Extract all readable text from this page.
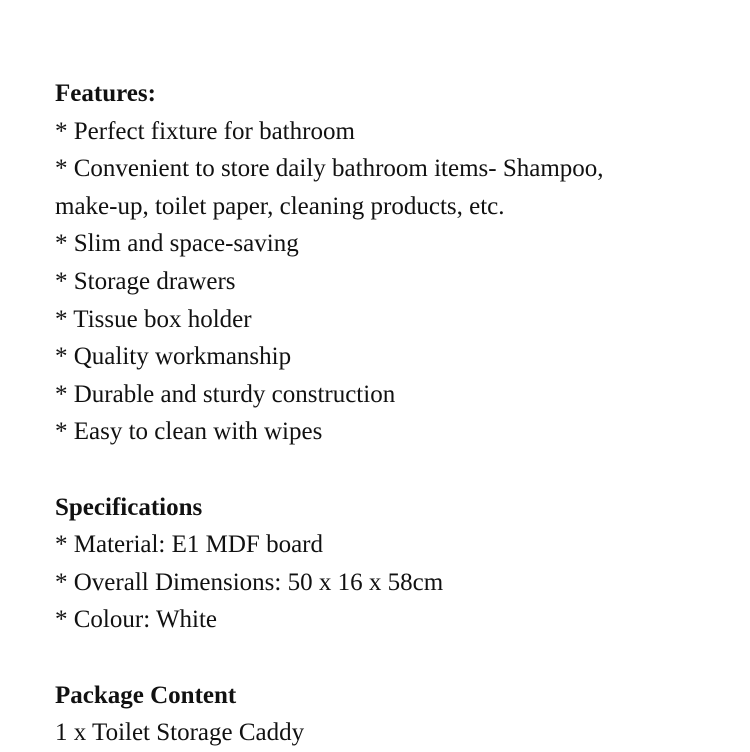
Features:

* Perfect fixture for bathroom

* Convenient to store daily bathroom items- Shampoo,

make-up, toilet paper, cleaning products, etc.

* Slim and space-saving

* Storage drawers

* Tissue box holder

* Quality workmanship

* Durable and sturdy construction

* Easy to clean with wipes

Specifications

* Material: E1 MDF board

* Overall Dimensions: 50 x 16 x 58cm

* Colour: White

Package Content

1 x Toilet Storage Caddy
